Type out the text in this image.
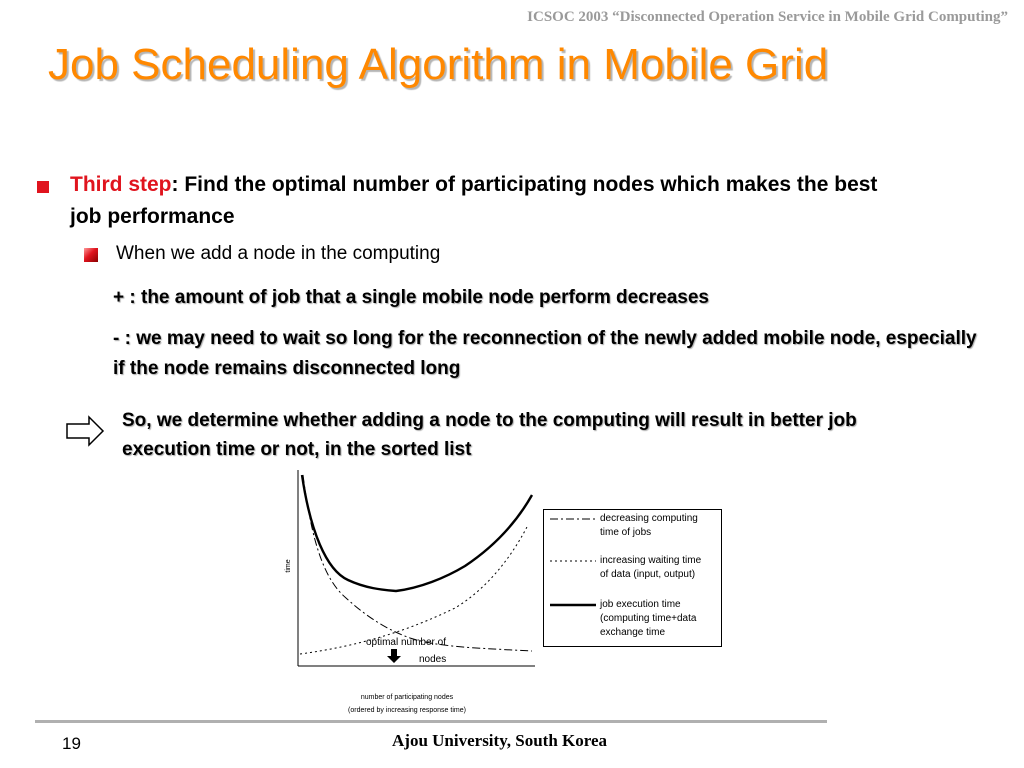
ICSOC 2003 “Disconnected Operation Service in Mobile Grid Computing”
Job Scheduling Algorithm in Mobile Grid
Third step: Find the optimal number of participating nodes which makes the best job performance
When we add a node in the computing
+ : the amount of job that a single mobile node perform decreases
- : we may need to wait so long for the reconnection of the newly added mobile node, especially if the node remains disconnected long
So, we determine whether adding a node to the computing will result in better job execution time or not, in the sorted list
time
optimal number of
nodes
number of participating nodes
(ordered by increasing response time)
decreasing computing
time of jobs
increasing waiting time
of data (input, output)
job execution time
(computing time+data
exchange time
19	Ajou University, South Korea
